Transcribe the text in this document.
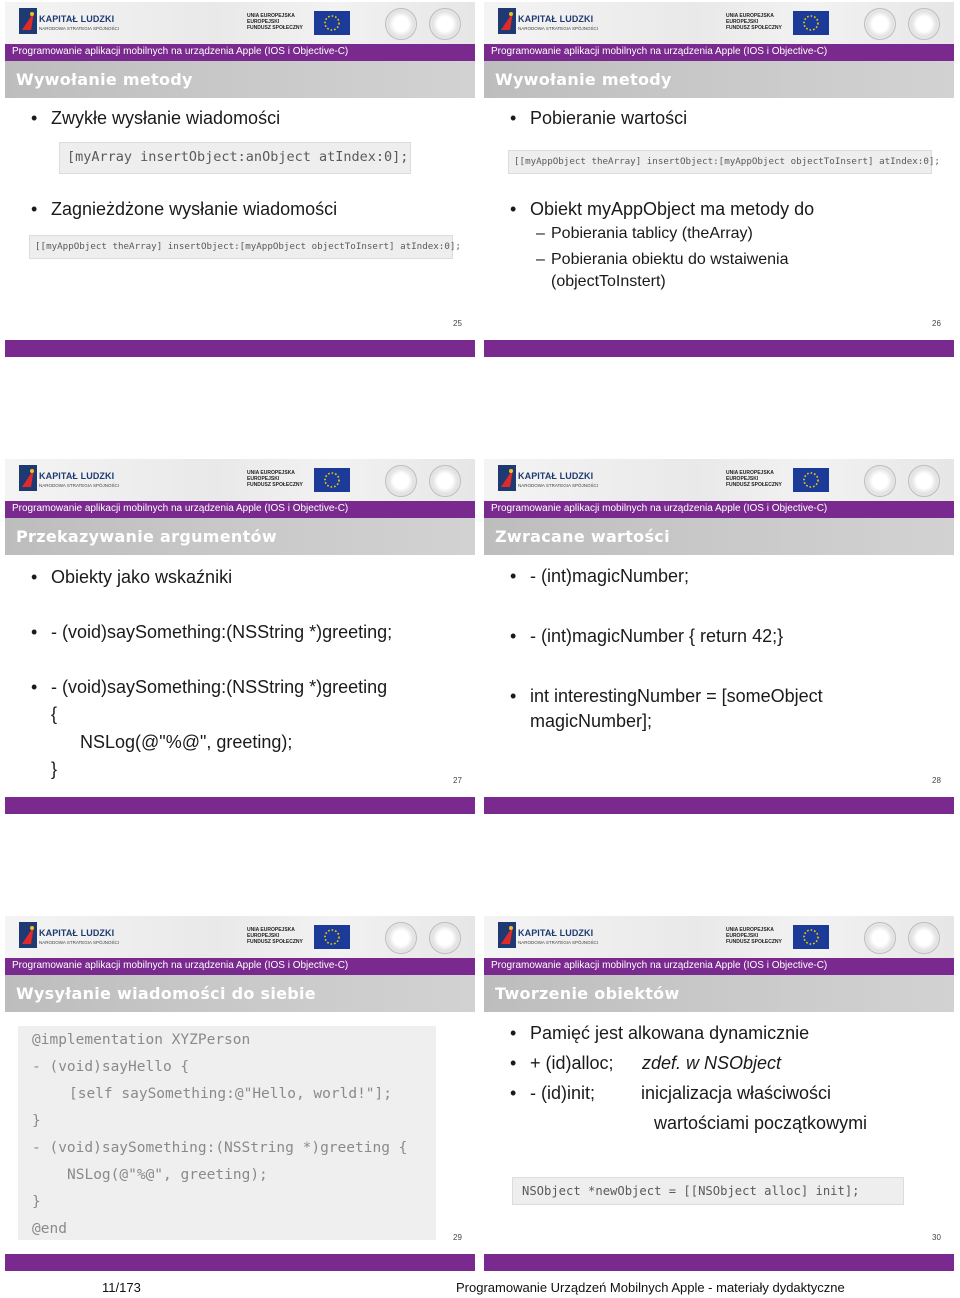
KAPITAŁ LUDZKI
NARODOWA STRATEGIA SPÓJNOŚCI
UNIA EUROPEJSKA
EUROPEJSKI
FUNDUSZ SPOŁECZNY
Programowanie aplikacji mobilnych na urządzenia Apple (IOS i Objective-C)
Wywołanie metody
• Zwykłe wysłanie wiadomości
[myArray insertObject:anObject atIndex:0];
• Zagnieżdżone wysłanie wiadomości
[[myAppObject theArray] insertObject:[myAppObject objectToInsert] atIndex:0];
25
KAPITAŁ LUDZKI
NARODOWA STRATEGIA SPÓJNOŚCI
UNIA EUROPEJSKA
EUROPEJSKI
FUNDUSZ SPOŁECZNY
Programowanie aplikacji mobilnych na urządzenia Apple (IOS i Objective-C)
Wywołanie metody
• Pobieranie wartości
[[myAppObject theArray] insertObject:[myAppObject objectToInsert] atIndex:0];
• Obiekt myAppObject ma metody do
– Pobierania tablicy (theArray)
– Pobierania obiektu do wstaiwenia
(objectToInstert)
26
KAPITAŁ LUDZKI
NARODOWA STRATEGIA SPÓJNOŚCI
UNIA EUROPEJSKA
EUROPEJSKI
FUNDUSZ SPOŁECZNY
Programowanie aplikacji mobilnych na urządzenia Apple (IOS i Objective-C)
Przekazywanie argumentów
• Obiekty jako wskaźniki
• - (void)saySomething:(NSString *)greeting;
• - (void)saySomething:(NSString *)greeting
{
NSLog(@"%@", greeting);
}
27
KAPITAŁ LUDZKI
NARODOWA STRATEGIA SPÓJNOŚCI
UNIA EUROPEJSKA
EUROPEJSKI
FUNDUSZ SPOŁECZNY
Programowanie aplikacji mobilnych na urządzenia Apple (IOS i Objective-C)
Zwracane wartości
• - (int)magicNumber;
• - (int)magicNumber { return 42;}
• int interestingNumber = [someObject
magicNumber];
28
KAPITAŁ LUDZKI
NARODOWA STRATEGIA SPÓJNOŚCI
UNIA EUROPEJSKA
EUROPEJSKI
FUNDUSZ SPOŁECZNY
Programowanie aplikacji mobilnych na urządzenia Apple (IOS i Objective-C)
Wysyłanie wiadomości do siebie
@implementation XYZPerson
- (void)sayHello {
[self saySomething:@"Hello, world!"];
}
- (void)saySomething:(NSString *)greeting {
NSLog(@"%@", greeting);
}
@end
29
KAPITAŁ LUDZKI
NARODOWA STRATEGIA SPÓJNOŚCI
UNIA EUROPEJSKA
EUROPEJSKI
FUNDUSZ SPOŁECZNY
Programowanie aplikacji mobilnych na urządzenia Apple (IOS i Objective-C)
Tworzenie obiektów
• Pamięć jest alkowana dynamicznie
• + (id)alloc; zdef. w NSObject
• - (id)init;	inicjalizacja właściwości
wartościami początkowymi
NSObject *newObject = [[NSObject alloc] init];
30
11/173	Programowanie Urządzeń Mobilnych Apple - materiały dydaktyczne
